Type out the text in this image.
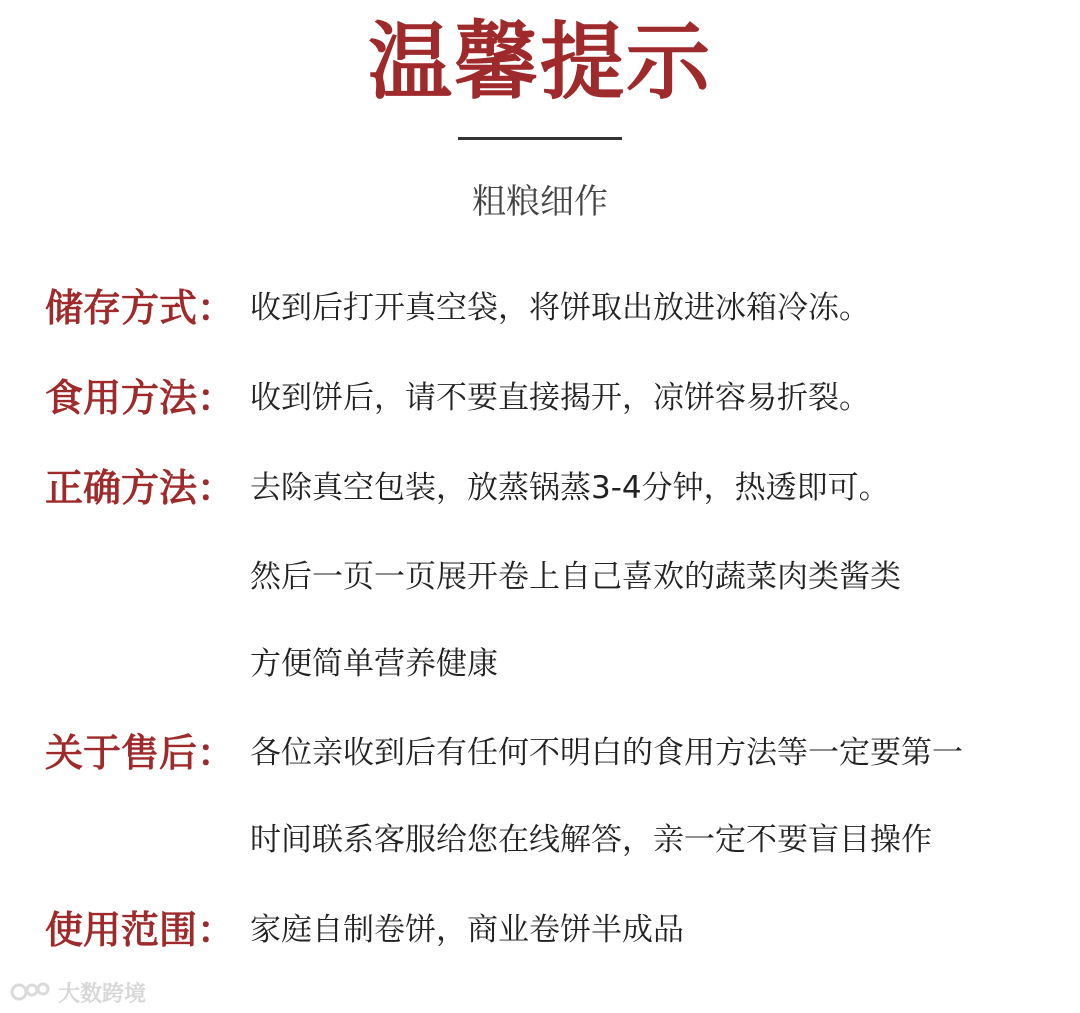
温馨提示
粗粮细作
储存方式： 收到后打开真空袋，将饼取出放进冰箱冷冻。
食用方法： 收到饼后，请不要直接揭开，凉饼容易折裂。
正确方法： 去除真空包装，放蒸锅蒸3-4分钟，热透即可。
然后一页一页展开卷上自己喜欢的蔬菜肉类酱类
方便简单营养健康
关于售后： 各位亲收到后有任何不明白的食用方法等一定要第一
时间联系客服给您在线解答，亲一定不要盲目操作
使用范围： 家庭自制卷饼，商业卷饼半成品
大数跨境
